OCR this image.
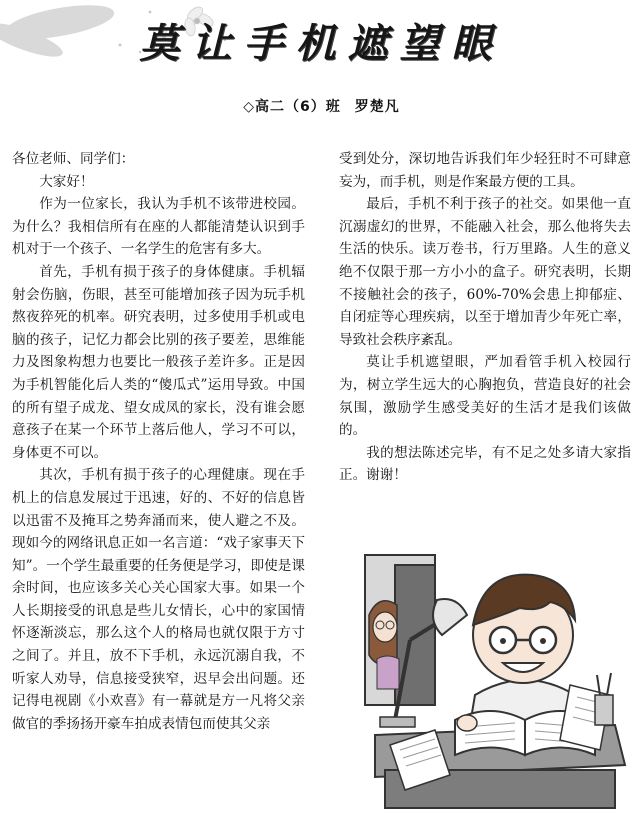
莫让手机遮望眼
◇高二（6）班 罗楚凡

各位老师、同学们：

大家好！

作为一位家长，我认为手机不该带进校园。为什么？我相信所有在座的人都能清楚认识到手机对于一个孩子、一名学生的危害有多大。

首先，手机有损于孩子的身体健康。手机辐射会伤脑，伤眼，甚至可能增加孩子因为玩手机熬夜猝死的机率。研究表明，过多使用手机或电脑的孩子，记忆力都会比别的孩子要差，思维能力及图象构想力也要比一般孩子差许多。正是因为手机智能化后人类的“傻瓜式”运用导致。中国的所有望子成龙、望女成凤的家长，没有谁会愿意孩子在某一个环节上落后他人，学习不可以，身体更不可以。

其次，手机有损于孩子的心理健康。现在手机上的信息发展过于迅速，好的、不好的信息皆以迅雷不及掩耳之势奔涌而来，使人避之不及。现如今的网络讯息正如一名言道：“戏子家事天下知”。一个学生最重要的任务便是学习，即使是课余时间，也应该多关心关心国家大事。如果一个人长期接受的讯息是些儿女情长，心中的家国情怀逐渐淡忘，那么这个人的格局也就仅限于方寸之间了。并且，放不下手机，永远沉溺自我，不听家人劝导，信息接受狭窄，迟早会出问题。还记得电视剧《小欢喜》有一幕就是方一凡将父亲做官的季扬扬开豪车拍成表情包而使其父亲

受到处分，深切地告诉我们年少轻狂时不可肆意妄为，而手机，则是作案最方便的工具。

最后，手机不利于孩子的社交。如果他一直沉溺虚幻的世界，不能融入社会，那么他将失去生活的快乐。读万卷书，行万里路。人生的意义绝不仅限于那一方小小的盒子。研究表明，长期不接触社会的孩子，60%-70%会患上抑郁症、自闭症等心理疾病，以至于增加青少年死亡率，导致社会秩序紊乱。

莫让手机遮望眼，严加看管手机入校园行为，树立学生远大的心胸抱负，营造良好的社会氛围，激励学生感受美好的生活才是我们该做的。

我的想法陈述完毕，有不足之处多请大家指正。谢谢！
